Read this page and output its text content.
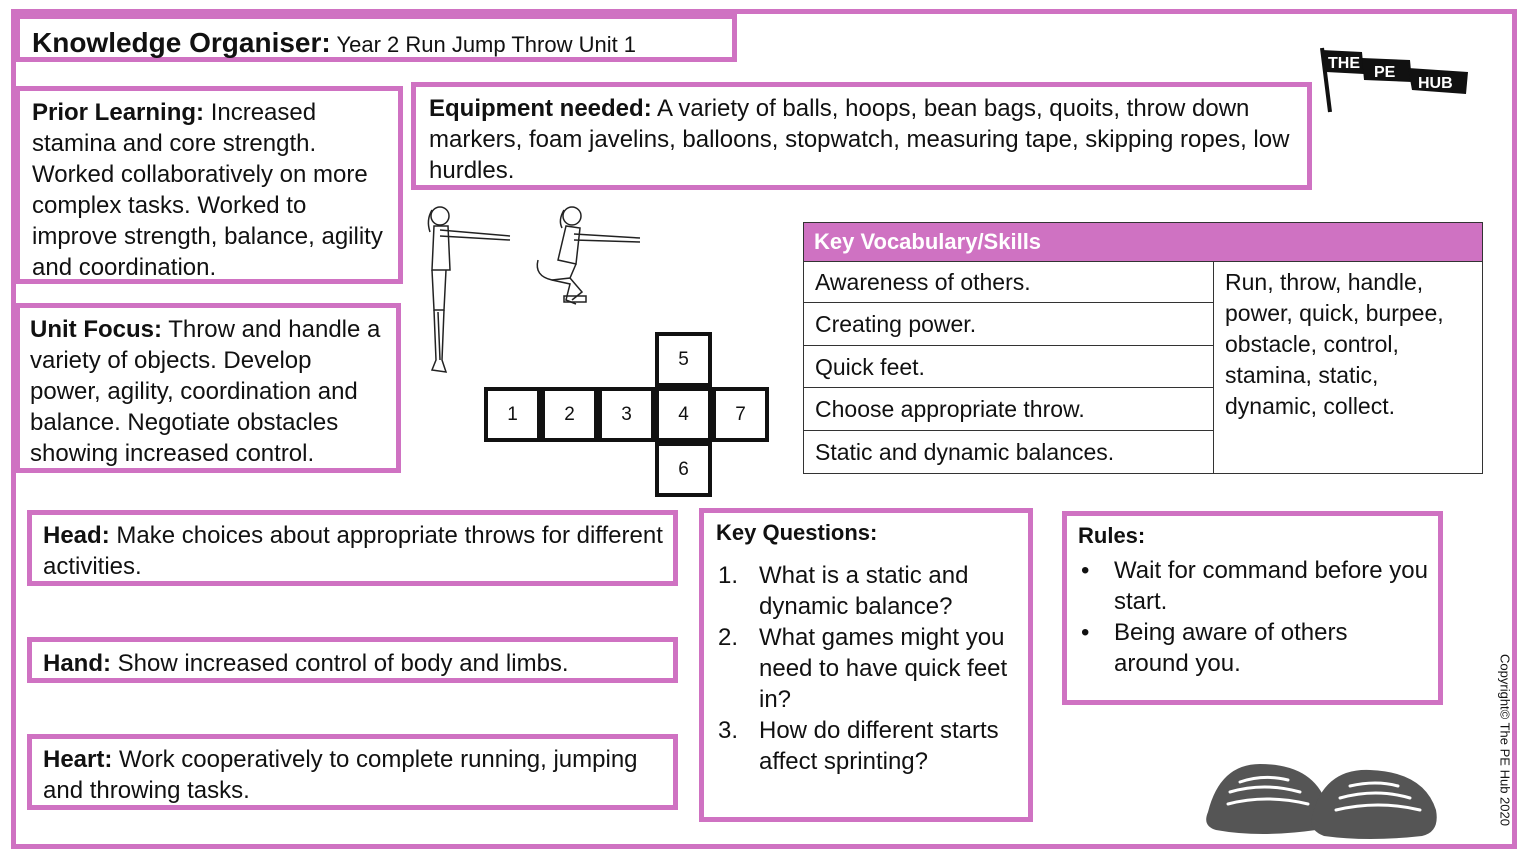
Knowledge Organiser: Year 2 Run Jump Throw Unit 1
Prior Learning: Increased stamina and core strength. Worked collaboratively on more complex tasks. Worked to improve strength, balance, agility and coordination.
Unit Focus: Throw and handle a variety of objects. Develop power, agility, coordination and balance. Negotiate obstacles showing increased control.
Equipment needed: A variety of balls, hoops, bean bags, quoits, throw down markers, foam javelins, balloons, stopwatch, measuring tape, skipping ropes, low hurdles.
THE
PE
HUB
5
1	2	3	4	7
6
Key Vocabulary/Skills
Awareness of others.
Creating power.
Quick feet.
Choose appropriate throw.
Static and dynamic balances.
Run, throw, handle, power, quick, burpee, obstacle, control, stamina, static, dynamic, collect.
Head: Make choices about appropriate throws for different activities.
Hand: Show increased control of body and limbs.
Heart: Work cooperatively to complete running, jumping and throwing tasks.
Key Questions:
1. What is a static and dynamic balance?
2. What games might you need to have quick feet in?
3. How do different starts affect sprinting?
Rules:
• Wait for command before you start.
• Being aware of others around you.	Copyright© The PE Hub 2020
